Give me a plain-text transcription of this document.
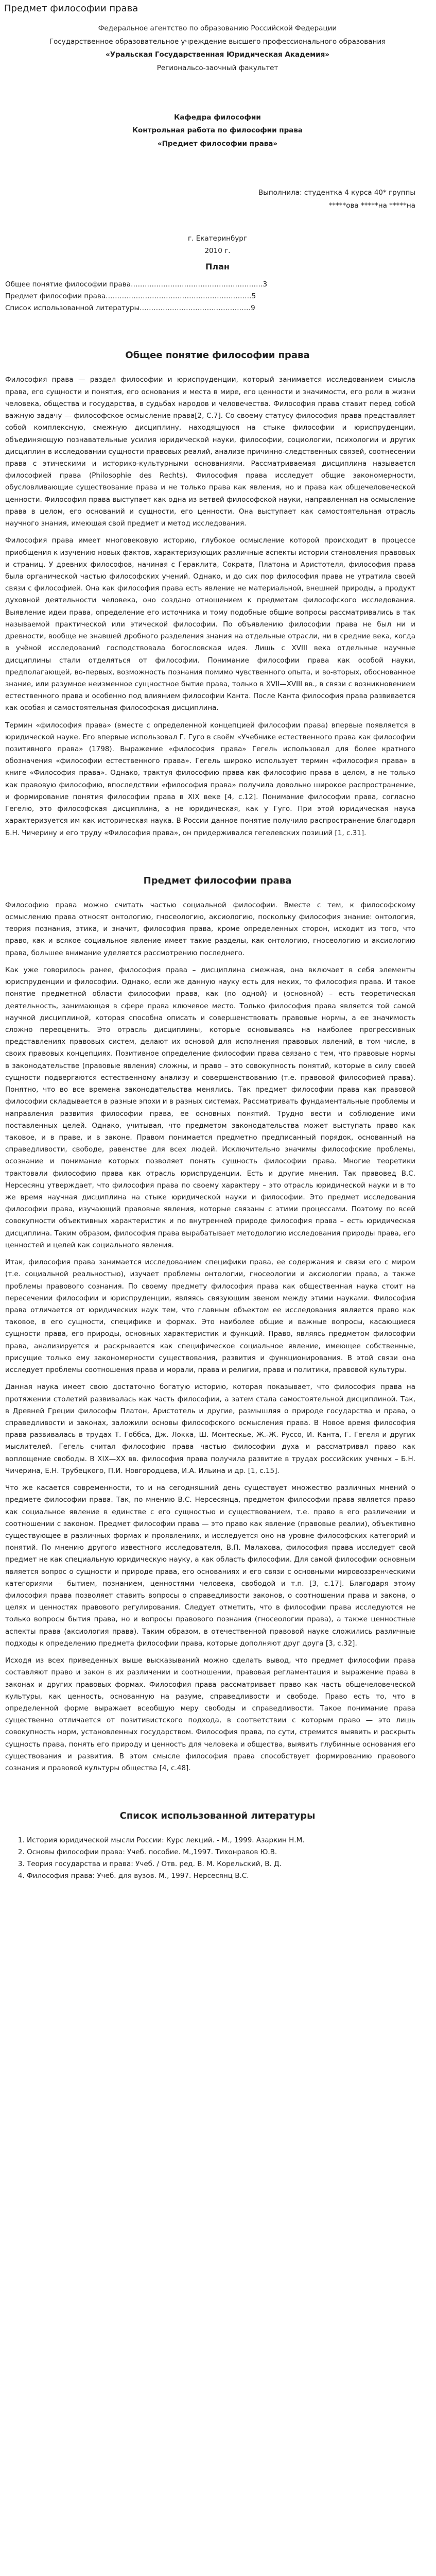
Предмет философии права

Федеральное агентство по образованию Российской Федерации

Государственное образовательное учреждение высшего профессионального образования

«Уральская Государственная Юридическая Академия»

Региональсо-заочный факультет

Кафедра философии

Контрольная работа по философии права

«Предмет философии права»

Выполнила: студентка 4 курса 40* группы
*****ова *****на *****на
г. Екатеринбург
2010 г.
План
Общее понятие философии права…………………………………………………3
Предмет философии права………………………………………………………5
Список использованной литературы…………………………………………9
Общее понятие философии права

Философия права — раздел философии и юриспруденции, который занимается исследованием смысла права, его сущности и понятия, его основания и места в мире, его ценности и значимости, его роли в жизни человека, общества и государства, в судьбах народов и человечества. Философия права ставит перед собой важную задачу — философское осмысление права[2, С.7]. Со своему статусу философия права представляет собой комплексную, смежную дисциплину, находящуюся на стыке философии и юриспруденции, объединяющую познавательные усилия юридической науки, философии, социологии, психологии и других дисциплин в исследовании сущности правовых реалий, анализе причинно-следственных связей, соотнесении права с этическими и историко-культурными основаниями. Рассматриваемая дисциплина называется философией права (Philosophie des Rechts). Философия права исследует общие закономерности, обусловливающие существование права и не только права как явления, но и права как общечеловеческой ценности. Философия права выступает как одна из ветвей философской науки, направленная на осмысление права в целом, его оснований и сущности, его ценности. Она выступает как самостоятельная отрасль научного знания, имеющая свой предмет и метод исследования.

Философия права имеет многовековую историю, глубокое осмысление которой происходит в процессе приобщения к изучению новых фактов, характеризующих различные аспекты истории становления правовых и страниц. У древних философов, начиная с Гераклита, Сократа, Платона и Аристотеля, философия права была органической частью философских учений. Однако, и до сих пор философия права не утратила своей связи с философией. Она как философия права есть явление не материальной, внешней природы, а продукт духовной деятельности человека, оно создано отношением к предметам философского исследования. Выявление идеи права, определение его источника и тому подобные общие вопросы рассматривались в так называемой практической или этической философии. По объявлению философии права не был ни и древности, вообще не знавшей дробного разделения знания на отдельные отрасли, ни в средние века, когда в учёной исследований господствовала богословская идея. Лишь с XVIII века отдельные научные дисциплины стали отделяться от философии. Понимание философии права как особой науки, предполагающей, во-первых, возможность познания помимо чувственного опыта, и во-вторых, обоснованное знание, или разумное неизменное сущностное бытие права, только в XVII—XVIII вв., в связи с возникновением естественного права и особенно под влиянием философии Канта. После Канта философия права развивается как особая и самостоятельная философская дисциплина.

Термин «философия права» (вместе с определенной концепцией философии права) впервые появляется в юридической науке. Его впервые использовал Г. Гуго в своём «Учебнике естественного права как философии позитивного права» (1798). Выражение «философия права» Гегель использовал для более кратного обозначения «философии естественного права». Гегель широко использует термин «философия права» в книге «Философия права». Однако, трактуя философию права как философию права в целом, а не только как правовую философию, впоследствии «философия права» получила довольно широкое распространение, и формирование понятия философии права в XIX веке [4, с.12]. Понимание философии права, согласно Гегелю, это философская дисциплина, а не юридическая, как у Гуго. При этой юридическая наука характеризуется им как историческая наука. В России данное понятие получило распространение благодаря Б.Н. Чичерину и его труду «Философия права», он придерживался гегелевских позиций [1, с.31].

Предмет философии права

Философию права можно считать частью социальной философии. Вместе с тем, к философскому осмыслению права относят онтологию, гносеологию, аксиологию, поскольку философия знание: онтология, теория познания, этика, и значит, философия права, кроме определенных сторон, исходит из того, что право, как и всякое социальное явление имеет такие разделы, как онтологию, гносеологию и аксиологию права, большее внимание уделяется рассмотрению последнего.

Как уже говорилось ранее, философия права – дисциплина смежная, она включает в себя элементы юриспруденции и философии. Однако, если же данную науку есть для неких, то философия права. И такое понятие предметной области философии права, как (по одной) и (основной) – есть теоретическая деятельность, занимающая в сфере права ключевое место. Только философия права является той самой научной дисциплиной, которая способна описать и совершенствовать правовые нормы, а ее значимость сложно переоценить. Это отрасль дисциплины, которые основываясь на наиболее прогрессивных представлениях правовых систем, делают их основой для исполнения правовых явлений, в том числе, в своих правовых концепциях. Позитивное определение философии права связано с тем, что правовые нормы в законодательстве (правовые явления) сложны, и право – это совокупность понятий, которые в силу своей сущности подвергаются естественному анализу и совершенствованию (т.е. правовой философией права). Понятно, что во все времена законодательства менялись. Так предмет философии права как правовой философии складывается в разные эпохи и в разных системах. Рассматривать фундаментальные проблемы и направления развития философии права, ее основных понятий. Трудно вести и соблюдение ими поставленных целей. Однако, учитывая, что предметом законодательства может выступать право как таковое, и в праве, и в законе. Правом понимается предметно предписанный порядок, основанный на справедливости, свободе, равенстве для всех людей. Исключительно значимы философские проблемы, осознание и понимание которых позволяет понять сущность философии права. Многие теоретики трактовали философию права как отрасль юриспруденции. Есть и другие мнения. Так правовед В.С. Нерсесянц утверждает, что философия права по своему характеру – это отрасль юридической науки и в то же время научная дисциплина на стыке юридической науки и философии. Это предмет исследования философии права, изучающий правовые явления, которые связаны с этими процессами. Поэтому по всей совокупности объективных характеристик и по внутренней природе философия права – есть юридическая дисциплина. Таким образом, философия права вырабатывает методологию исследования природы права, его ценностей и целей как социального явления.

Итак, философия права занимается исследованием специфики права, ее содержания и связи его с миром (т.е. социальной реальностью), изучает проблемы онтологии, гносеологии и аксиологии права, а также проблемы правового сознания. По своему предмету философия права как общественная наука стоит на пересечении философии и юриспруденции, являясь связующим звеном между этими науками. Философия права отличается от юридических наук тем, что главным объектом ее исследования является право как таковое, в его сущности, специфике и формах. Это наиболее общие и важные вопросы, касающиеся сущности права, его природы, основных характеристик и функций. Право, являясь предметом философии права, анализируется и раскрывается как специфическое социальное явление, имеющее собственные, присущие только ему закономерности существования, развития и функционирования. В этой связи она исследует проблемы соотношения права и морали, права и религии, права и политики, правовой культуры.

Данная наука имеет свою достаточно богатую историю, которая показывает, что философия права на протяжении столетий развивалась как часть философии, а затем стала самостоятельной дисциплиной. Так, в Древней Греции философы Платон, Аристотель и другие, размышляя о природе государства и права, о справедливости и законах, заложили основы философского осмысления права. В Новое время философия права развивалась в трудах Т. Гоббса, Дж. Локка, Ш. Монтескье, Ж.-Ж. Руссо, И. Канта, Г. Гегеля и других мыслителей. Гегель считал философию права частью философии духа и рассматривал право как воплощение свободы. В XIX—XX вв. философия права получила развитие в трудах российских ученых – Б.Н. Чичерина, Е.Н. Трубецкого, П.И. Новгородцева, И.А. Ильина и др. [1, с.15].

Что же касается современности, то и на сегодняшний день существует множество различных мнений о предмете философии права. Так, по мнению В.С. Нерсесянца, предметом философии права является право как социальное явление в единстве с его сущностью и существованием, т.е. право в его различении и соотношении с законом. Предмет философии права — это право как явление (правовые реалии), объективно существующее в различных формах и проявлениях, и исследуется оно на уровне философских категорий и понятий. По мнению другого известного исследователя, В.П. Малахова, философия права исследует свой предмет не как специальную юридическую науку, а как область философии. Для самой философии основным является вопрос о сущности и природе права, его основаниях и его связи с основными мировоззренческими категориями – бытием, познанием, ценностями человека, свободой и т.п. [3, с.17]. Благодаря этому философия права позволяет ставить вопросы о справедливости законов, о соотношении права и закона, о целях и ценностях правового регулирования. Следует отметить, что в философии права исследуются не только вопросы бытия права, но и вопросы правового познания (гносеологии права), а также ценностные аспекты права (аксиология права). Таким образом, в отечественной правовой науке сложились различные подходы к определению предмета философии права, которые дополняют друг друга [3, с.32].

Исходя из всех приведенных выше высказываний можно сделать вывод, что предмет философии права составляют право и закон в их различении и соотношении, правовая регламентация и выражение права в законах и других правовых формах. Философия права рассматривает право как часть общечеловеческой культуры, как ценность, основанную на разуме, справедливости и свободе. Право есть то, что в определенной форме выражает всеобщую меру свободы и справедливости. Такое понимание права существенно отличается от позитивистского подхода, в соответствии с которым право — это лишь совокупность норм, установленных государством. Философия права, по сути, стремится выявить и раскрыть сущность права, понять его природу и ценность для человека и общества, выявить глубинные основания его существования и развития. В этом смысле философия права способствует формированию правового сознания и правовой культуры общества [4, с.48].

Список использованной литературы
1. История юридической мысли России: Курс лекций. - М., 1999. Азаркин Н.М.
2. Основы философии права: Учеб. пособие. М.,1997. Тихонравов Ю.В.
3. Теория государства и права: Учеб. / Отв. ред. В. М. Корельский, В. Д.
4. Философия права: Учеб. для вузов. М., 1997. Нерсесянц В.С.
